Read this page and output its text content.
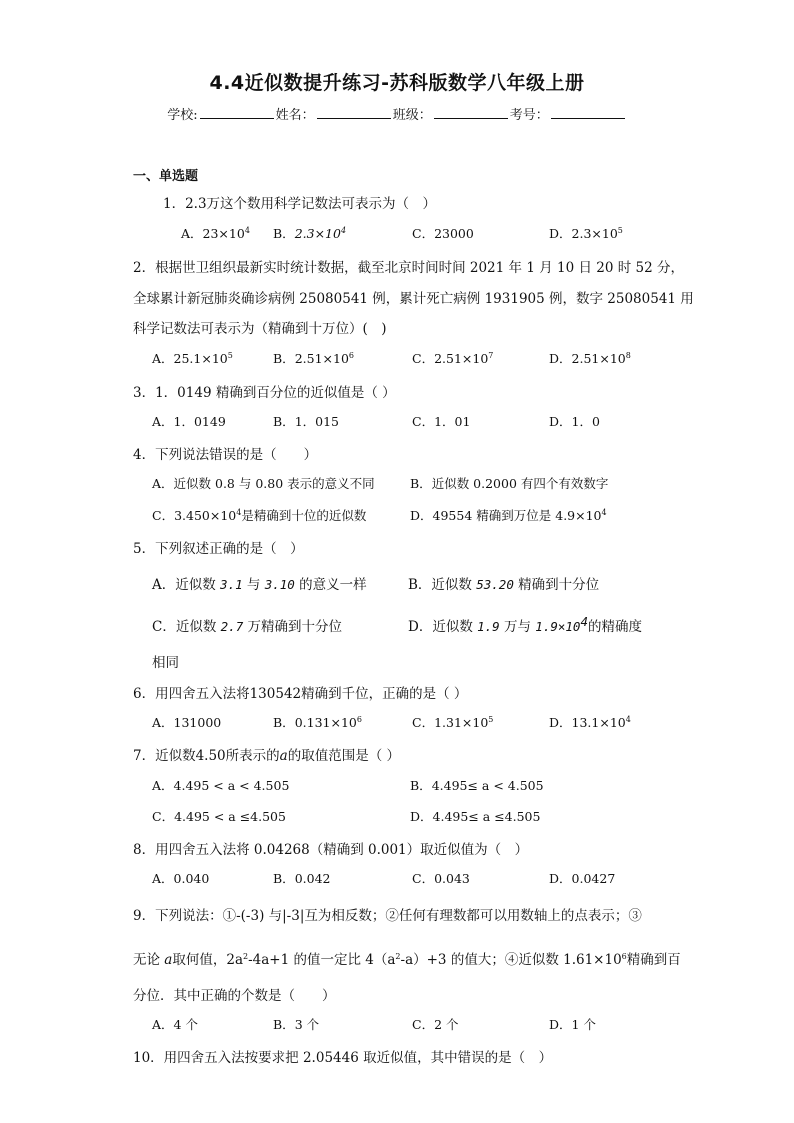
4.4近似数提升练习-苏科版数学八年级上册
学校:	姓名：	班级：	考号：
一、单选题
1．2.3万这个数用科学记数法可表示为（　）
A．$23\times 10^4$ B．$2.3\times 10^4$	C．23000	D．$2.3\times 10^5$
2．根据世卫组织最新实时统计数据，截至北京时间时间 2021 年 1 月 10 日 20 时 52 分，
全球累计新冠肺炎确诊病例 25080541 例，累计死亡病例 1931905 例，数字 25080541 用
科学记数法可表示为（精确到十万位）(　)
A．$25.1\times 10^5$	B．$2.51\times 10^6$	C．$2.51\times 10^7$	D．$2.51\times 10^8$
3．1．0149 精确到百分位的近似值是（ ）
A．1．0149	B．1．015	C．1．01	D．1．0
4．下列说法错误的是（　　）
A．近似数 0.8 与 0.80 表示的意义不同	B．近似数 0.2000 有四个有效数字
C．$3.450\times 10^4$是精确到十位的近似数	D．49554 精确到万位是 $4.9\times 10^4$
5．下列叙述正确的是（　）
A．近似数 3.1 与 3.10 的意义一样	B．近似数 53.20 精确到十分位
C．近似数 2.7 万精确到十分位	D．近似数 1.9 万与 $1.9\times 10^4$的精确度
相同
6．用四舍五入法将130542精确到千位，正确的是（ ）
A．131000	B．$0.131\times 10^6$	C．$1.31\times 10^5$	D．$13.1\times 10^4$
7．近似数4.50所表示的a的取值范围是（ ）
A．4.495 < a < 4.505	B．4.495≤ a < 4.505
C．4.495 < a ≤4.505	D．4.495≤ a ≤4.505
8．用四舍五入法将 0.04268（精确到 0.001）取近似值为（　）
A．0.040	B．0.042	C．0.043	D．0.0427
9．下列说法：①-(-3) 与|-3|互为相反数；②任何有理数都可以用数轴上的点表示；③
无论 a取何值，$2a^2-4a+1$ 的值一定比 $4(a^2-a)+3$ 的值大；④近似数 $1.61\times 10^6$精确到百
分位．其中正确的个数是（　　）
A．4 个	B．3 个	C．2 个	D．1 个
10．用四舍五入法按要求把 2.05446 取近似值，其中错误的是（　）
